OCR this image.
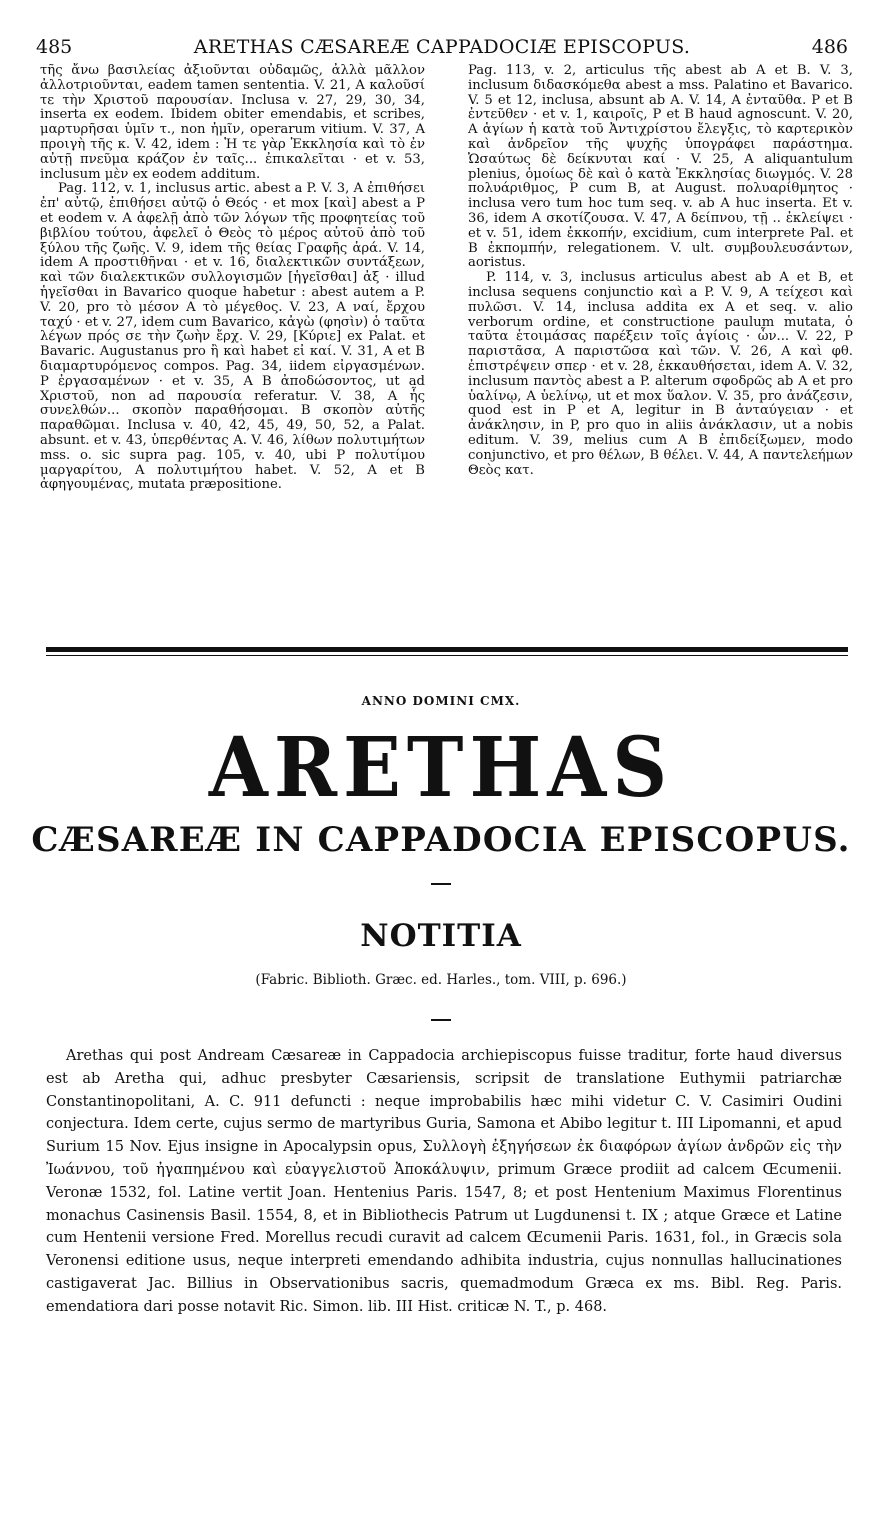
485	ARETHAS CÆSAREÆ CAPPADOCIÆ EPISCOPUS.	486

τῆς ἄνω βασιλείας ἀξιοῦνται οὐδαμῶς, ἀλλὰ μᾶλλον ἀλλοτριοῦνται, eadem tamen sententia. V. 21, A καλοῦσί τε τὴν Χριστοῦ παρουσίαν. Inclusa v. 27, 29, 30, 34, inserta ex eodem. Ibidem obiter emendabis, et scribes, μαρτυρῆσαι ὑμῖν τ., non ἡμῖν, operarum vitium. V. 37, A προιγὴ τῆς κ. V. 42, idem : Ἡ τε γὰρ Ἐκκλησία καὶ τὸ ἐν αὐτῇ πνεῦμα κράζον ἐν ταῖς... ἐπικαλεῖται · et v. 53, inclusum μὲν ex eodem additum.

Pag. 112, v. 1, inclusus artic. abest a P. V. 3, A ἐπιθήσει ἐπ' αὐτῷ, ἐπιθήσει αὐτῷ ὁ Θεός · et mox [καὶ] abest a P et eodem v. A ἀφελῇ ἀπὸ τῶν λόγων τῆς προφητείας τοῦ βιβλίου τούτου, ἀφελεῖ ὁ Θεὸς τὸ μέρος αὐτοῦ ἀπὸ τοῦ ξύλου τῆς ζωῆς. V. 9, idem τῆς θείας Γραφῆς ἀρά. V. 14, idem A προστιθῆναι · et v. 16, διαλεκτικῶν συντάξεων, καὶ τῶν διαλεκτικῶν συλλογισμῶν [ἡγεῖσθαι] ἀξ · illud ἡγεῖσθαι in Bavarico quoque habetur : abest autem a P. V. 20, pro τὸ μέσον A τὸ μέγεθος. V. 23, A ναί, ἔρχου ταχύ · et v. 27, idem cum Bavarico, κἀγὼ (φησὶν) ὁ ταῦτα λέγων πρός σε τὴν ζωὴν ἔρχ. V. 29, [Κύριε] ex Palat. et Bavaric. Augustanus pro ἢ καὶ habet εἰ καί. V. 31, A et B διαμαρτυρόμενος compos. Pag. 34, iidem εἰργασμένων. P ἐργασαμένων · et v. 35, A B ἀποδώσοντος, ut ad Χριστοῦ, non ad παρουσία referatur. V. 38, A ἧς συνελθών... σκοπὸν παραθήσομαι. B σκοπὸν αὐτῆς παραθῶμαι. Inclusa v. 40, 42, 45, 49, 50, 52, a Palat. absunt. et v. 43, ὑπερθέντας A. V. 46, λίθων πολυτιμήτων mss. o. sic supra pag. 105, v. 40, ubi P πολυτίμου μαργαρίτου, A πολυτιμήτου habet. V. 52, A et B ἀφηγουμένας, mutata præpositione.

Pag. 113, v. 2, articulus τῆς abest ab A et B. V. 3, inclusum διδασκόμεθα abest a mss. Palatino et Bavarico. V. 5 et 12, inclusa, absunt ab A. V. 14, A ἐνταῦθα. P et B ἐντεῦθεν · et v. 1, καιροῖς, P et B haud agnoscunt. V. 20, A ἁγίων ἡ κατὰ τοῦ Ἀντιχρίστου ἔλεγξις, τὸ καρτερικὸν καὶ ἀνδρεῖον τῆς ψυχῆς ὑπογράφει παράστημα. Ὡσαύτως δὲ δείκνυται καί · V. 25, A aliquantulum plenius, ὁμοίως δὲ καὶ ὁ κατὰ Ἐκκλησίας διωγμός. V. 28 πολυάριθμος, P cum B, at August. πολυαρίθμητος · inclusa vero tum hoc tum seq. v. ab A huc inserta. Et v. 36, idem A σκοτίζουσα. V. 47, A δείπνου, τῇ .. ἐκλείψει · et v. 51, idem ἐκκοπήν, excidium, cum interprete Pal. et B ἐκπομπήν, relegationem. V. ult. συμβουλευσάντων, aoristus.

P. 114, v. 3, inclusus articulus abest ab A et B, et inclusa sequens conjunctio καὶ a P. V. 9, A τείχεσι καὶ πυλῶσι. V. 14, inclusa addita ex A et seq. v. alio verborum ordine, et constructione paulum mutata, ὁ ταῦτα ἑτοιμάσας παρέξειν τοῖς ἁγίοις · ὧν... V. 22, P παριστᾶσα, A παριστῶσα καὶ τῶν. V. 26, A καὶ φθ. ἐπιστρέψειν σπερ · et v. 28, ἐκκαυθήσεται, idem A. V. 32, inclusum παντὸς abest a P. alterum σφοδρῶς ab A et pro ὑαλίνῳ, A ὑελίνῳ, ut et mox ὕαλον. V. 35, pro ἀνάζεσιν, quod est in P et A, legitur in B ἀνταύγειαν · et ἀνάκλησιν, in P, pro quo in aliis ἀνάκλασιν, ut a nobis editum. V. 39, melius cum A B ἐπιδείξωμεν, modo conjunctivo, et pro θέλων, B θέλει. V. 44, A παντελεήμων Θεὸς κατ.

ANNO DOMINI CMX.
ARETHAS
CÆSAREÆ IN CAPPADOCIA EPISCOPUS.
NOTITIA
(Fabric. Biblioth. Græc. ed. Harles., tom. VIII, p. 696.)

Arethas qui post Andream Cæsareæ in Cappadocia archiepiscopus fuisse traditur, forte haud diversus est ab Aretha qui, adhuc presbyter Cæsariensis, scripsit de translatione Euthymii patriarchæ Constantinopolitani, A. C. 911 defuncti : neque improbabilis hæc mihi videtur C. V. Casimiri Oudini conjectura. Idem certe, cujus sermo de martyribus Guria, Samona et Abibo legitur t. III Lipomanni, et apud Surium 15 Nov. Ejus insigne in Apocalypsin opus, Συλλογὴ ἐξηγήσεων ἐκ διαφόρων ἁγίων ἀνδρῶν εἰς τὴν Ἰωάννου, τοῦ ἠγαπημένου καὶ εὐαγγελιστοῦ Ἀποκάλυψιν, primum Græce prodiit ad calcem Œcumenii. Veronæ 1532, fol. Latine vertit Joan. Hentenius Paris. 1547, 8; et post Hentenium Maximus Florentinus monachus Casinensis Basil. 1554, 8, et in Bibliothecis Patrum ut Lugdunensi t. IX ; atque Græce et Latine cum Hentenii versione Fred. Morellus recudi curavit ad calcem Œcumenii Paris. 1631, fol., in Græcis sola Veronensi editione usus, neque interpreti emendando adhibita industria, cujus nonnullas hallucinationes castigaverat Jac. Billius in Observationibus sacris, quemadmodum Græca ex ms. Bibl. Reg. Paris. emendatiora dari posse notavit Ric. Simon. lib. III Hist. criticæ N. T., p. 468.
